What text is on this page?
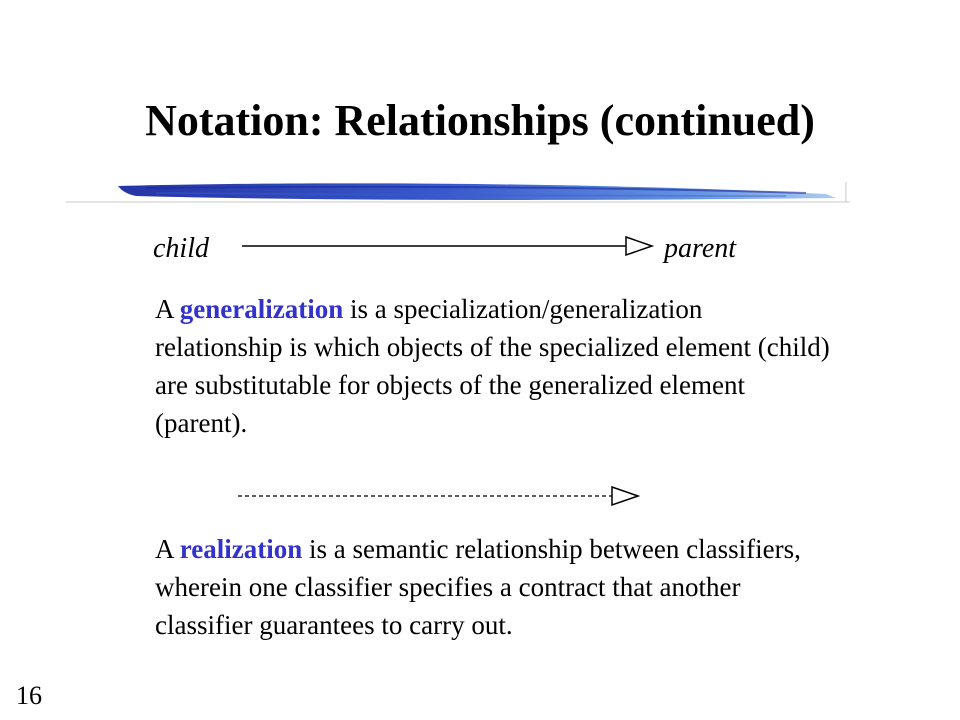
Notation: Relationships (continued)
child	parent

A generalization is a specialization/generalization relationship is which objects of the specialized element (child) are substitutable for objects of the generalized element (parent).

A realization is a semantic relationship between classifiers, wherein one classifier specifies a contract that another classifier guarantees to carry out.

16
